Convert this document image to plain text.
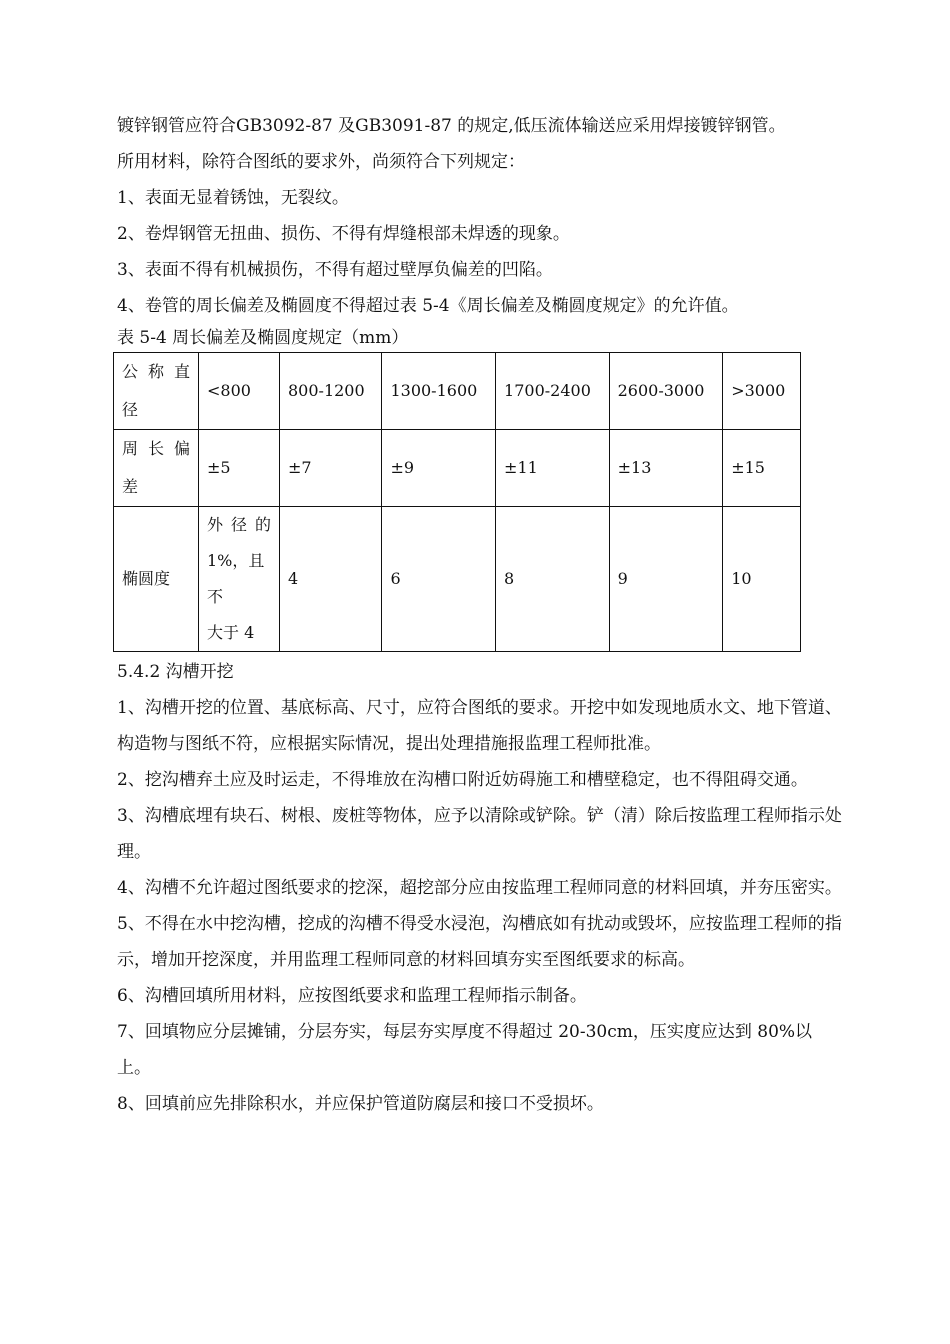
镀锌钢管应符合GB3092-87 及GB3091-87 的规定,低压流体输送应采用焊接镀锌钢管。

所用材料，除符合图纸的要求外，尚须符合下列规定：

1、表面无显着锈蚀，无裂纹。

2、卷焊钢管无扭曲、损伤、不得有焊缝根部未焊透的现象。

3、表面不得有机械损伤，不得有超过壁厚负偏差的凹陷。

4、卷管的周长偏差及椭圆度不得超过表 5-4《周长偏差及椭圆度规定》的允许值。

表 5-4 周长偏差及椭圆度规定（mm）

公 称 直
径	<800	800-1200	1300-1600	1700-2400	2600-3000	>3000

周 长 偏
差	±5	±7	±9	±11	±13	±15
椭圆度	外 径 的
1%，且不
大于 4	4	6	8	9	10

5.4.2 沟槽开挖

1、沟槽开挖的位置、基底标高、尺寸，应符合图纸的要求。开挖中如发现地质水文、地下管道、构造物与图纸不符，应根据实际情况，提出处理措施报监理工程师批准。

2、挖沟槽弃土应及时运走，不得堆放在沟槽口附近妨碍施工和槽壁稳定，也不得阻碍交通。

3、沟槽底埋有块石、树根、废桩等物体，应予以清除或铲除。铲（清）除后按监理工程师指示处理。

4、沟槽不允许超过图纸要求的挖深，超挖部分应由按监理工程师同意的材料回填，并夯压密实。

5、不得在水中挖沟槽，挖成的沟槽不得受水浸泡，沟槽底如有扰动或毁坏，应按监理工程师的指示，增加开挖深度，并用监理工程师同意的材料回填夯实至图纸要求的标高。

6、沟槽回填所用材料，应按图纸要求和监理工程师指示制备。

7、回填物应分层摊铺，分层夯实，每层夯实厚度不得超过 20-30cm，压实度应达到 80%以上。

8、回填前应先排除积水，并应保护管道防腐层和接口不受损坏。
